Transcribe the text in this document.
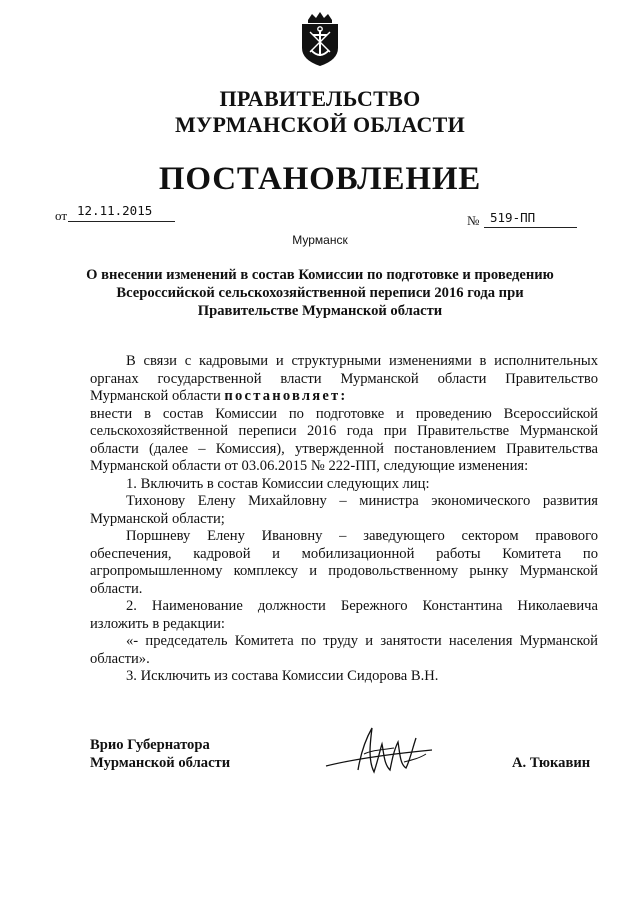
ПРАВИТЕЛЬСТВО
МУРМАНСКОЙ ОБЛАСТИ
ПОСТАНОВЛЕНИЕ
от 12.11.2015
№ 519-ПП
Мурманск
О внесении изменений в состав Комиссии по подготовке и проведению
Всероссийской сельскохозяйственной переписи 2016 года при
Правительстве Мурманской области

В связи с кадровыми и структурными изменениями в исполнительных органах государственной власти Мурманской области Правительство Мурманской области постановляет:

внести в состав Комиссии по подготовке и проведению Всероссийской сельскохозяйственной переписи 2016 года при Правительстве Мурманской области (далее – Комиссия), утвержденной постановлением Правительства Мурманской области от 03.06.2015 № 222-ПП, следующие изменения:

1. Включить в состав Комиссии следующих лиц:

Тихонову Елену Михайловну – министра экономического развития Мурманской области;

Поршневу Елену Ивановну – заведующего сектором правового обеспечения, кадровой и мобилизационной работы Комитета по агропромышленному комплексу и продовольственному рынку Мурманской области.

2. Наименование должности Бережного Константина Николаевича изложить в редакции:

«- председатель Комитета по труду и занятости населения Мурманской области».

3. Исключить из состава Комиссии Сидорова В.Н.

Врио Губернатора
Мурманской области	А. Тюкавин
